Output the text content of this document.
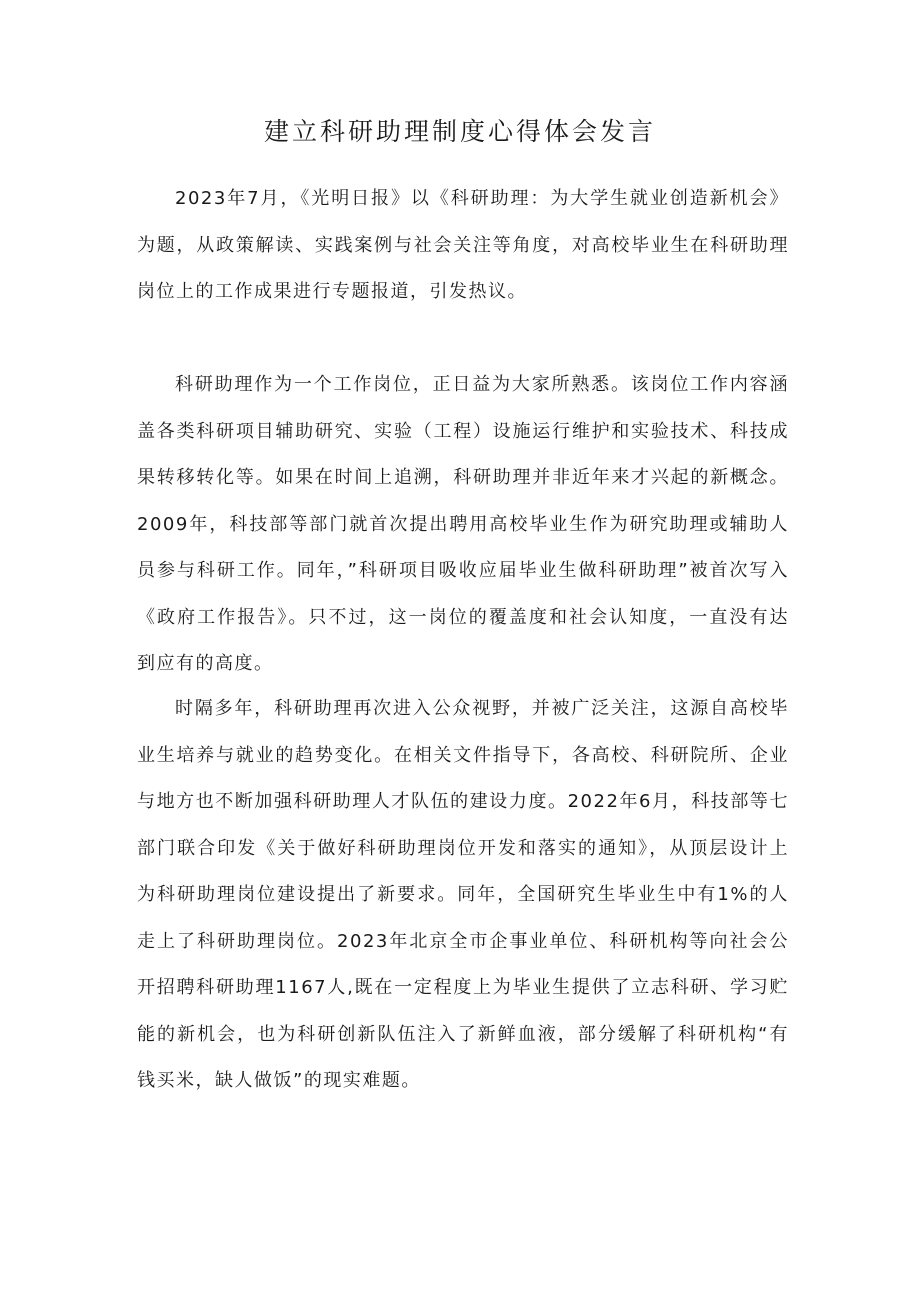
建立科研助理制度心得体会发言

2023年7月，《光明日报》以《科研助理：为大学生就业创造新机会》为题，从政策解读、实践案例与社会关注等角度，对高校毕业生在科研助理岗位上的工作成果进行专题报道，引发热议。

科研助理作为一个工作岗位，正日益为大家所熟悉。该岗位工作内容涵盖各类科研项目辅助研究、实验（工程）设施运行维护和实验技术、科技成果转移转化等。如果在时间上追溯，科研助理并非近年来才兴起的新概念。2009年，科技部等部门就首次提出聘用高校毕业生作为研究助理或辅助人员参与科研工作。同年，”科研项目吸收应届毕业生做科研助理”被首次写入《政府工作报告》。只不过，这一岗位的覆盖度和社会认知度，一直没有达到应有的高度。

时隔多年，科研助理再次进入公众视野，并被广泛关注，这源自高校毕业生培养与就业的趋势变化。在相关文件指导下，各高校、科研院所、企业与地方也不断加强科研助理人才队伍的建设力度。2022年6月，科技部等七部门联合印发《关于做好科研助理岗位开发和落实的通知》，从顶层设计上为科研助理岗位建设提出了新要求。同年，全国研究生毕业生中有1%的人走上了科研助理岗位。2023年北京全市企事业单位、科研机构等向社会公开招聘科研助理1167人,既在一定程度上为毕业生提供了立志科研、学习贮能的新机会，也为科研创新队伍注入了新鲜血液，部分缓解了科研机构“有钱买米，缺人做饭”的现实难题。
